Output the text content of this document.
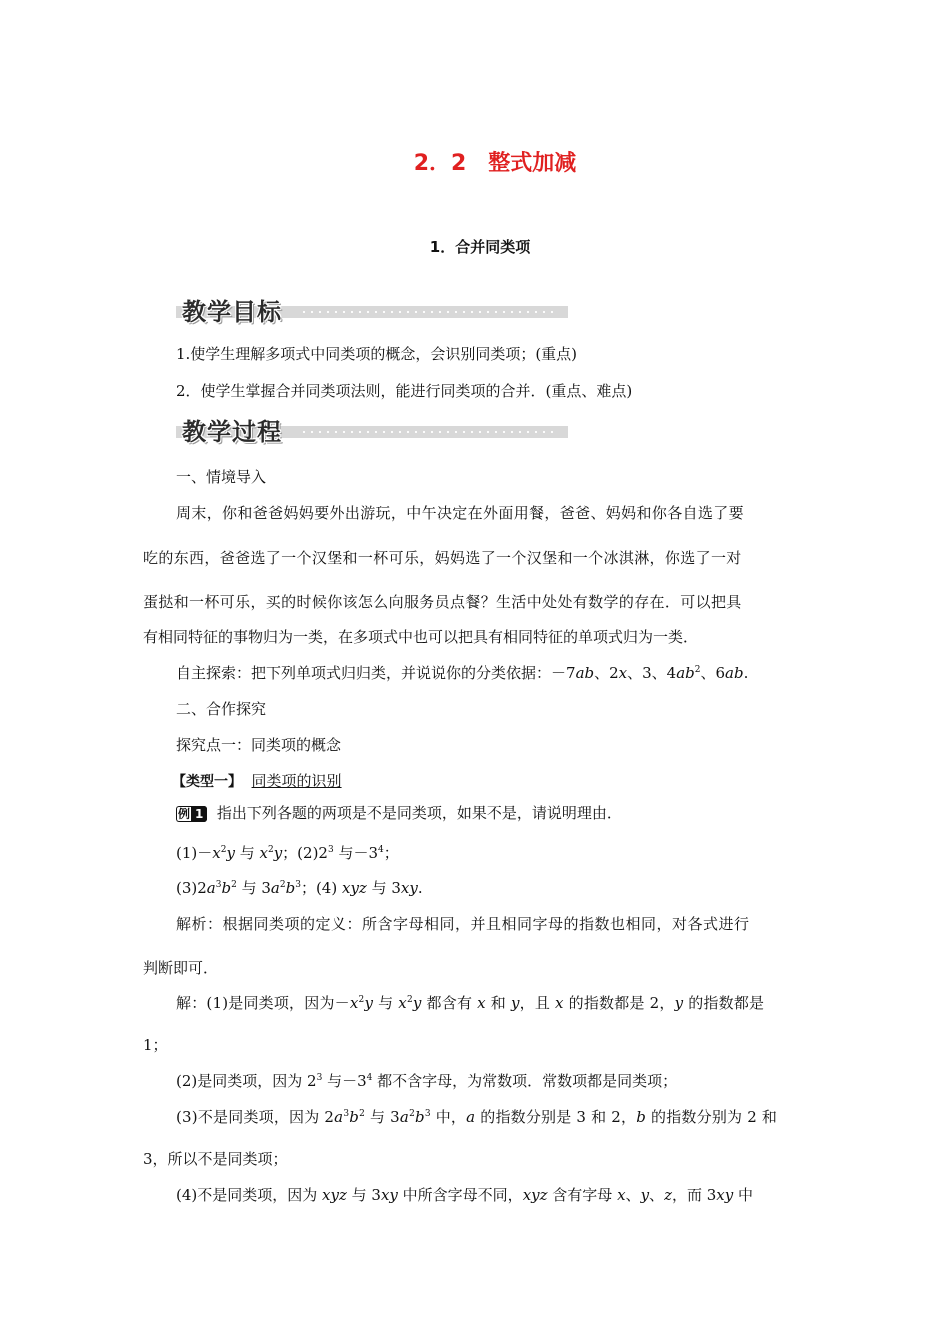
2．2　整式加减
1．合并同类项
教学目标
1.使学生理解多项式中同类项的概念，会识别同类项；(重点)
2．使学生掌握合并同类项法则，能进行同类项的合并．(重点、难点)
教学过程
一、情境导入
周末，你和爸爸妈妈要外出游玩，中午决定在外面用餐，爸爸、妈妈和你各自选了要
吃的东西，爸爸选了一个汉堡和一杯可乐，妈妈选了一个汉堡和一个冰淇淋，你选了一对
蛋挞和一杯可乐，买的时候你该怎么向服务员点餐？生活中处处有数学的存在．可以把具
有相同特征的事物归为一类，在多项式中也可以把具有相同特征的单项式归为一类．
自主探索：把下列单项式归归类，并说说你的分类依据：－7ab、2x、3、$4ab^2$、6ab.
二、合作探究
探究点一：同类项的概念
【类型一】 同类项的识别
例 1 指出下列各题的两项是不是同类项，如果不是，请说明理由．
$(1)-x^2y$ 与 $x^2y$；$(2)2^3$ 与$-3^4$；
$(3)2a^3b^2$ 与 $3a^2b^3$；(4) xyz 与 3xy.
解析：根据同类项的定义：所含字母相同，并且相同字母的指数也相同，对各式进行
判断即可．
解：(1)是同类项，因为$-x^2y$ 与 $x^2y$ 都含有 x 和 y，且 x 的指数都是 2，y 的指数都是
1；
(2)是同类项，因为 $2^3$ 与$-3^4$ 都不含字母，为常数项．常数项都是同类项；
(3)不是同类项，因为 $2a^3b^2$ 与 $3a^2b^3$ 中，a 的指数分别是 3 和 2，b 的指数分别为 2 和
3，所以不是同类项；
(4)不是同类项，因为 xyz 与 3xy 中所含字母不同，xyz 含有字母 x、y、z，而 3xy 中
